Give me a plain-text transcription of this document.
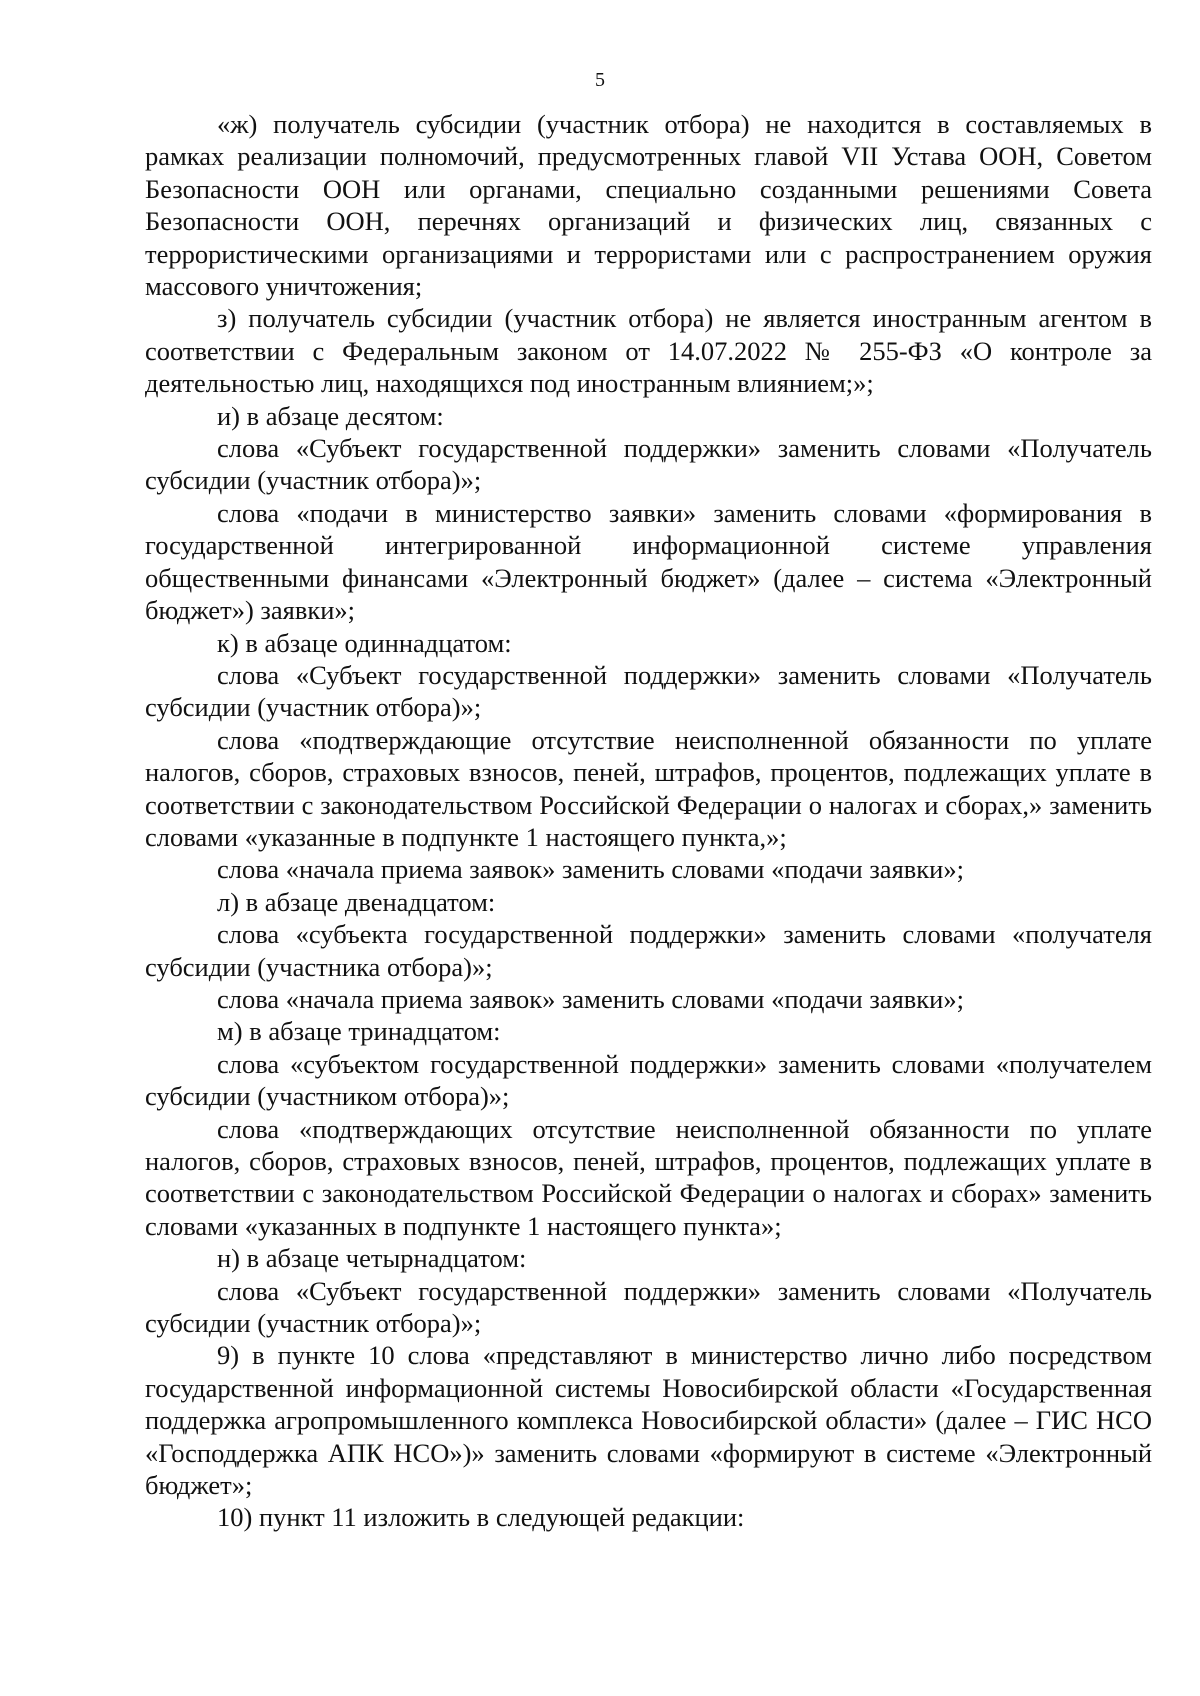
5

«ж) получатель субсидии (участник отбора) не находится в составляемых в рамках реализации полномочий, предусмотренных главой VII Устава ООН, Советом Безопасности ООН или органами, специально созданными решениями Совета Безопасности ООН, перечнях организаций и физических лиц, связанных с террористическими организациями и террористами или с распространением оружия массового уничтожения;

з) получатель субсидии (участник отбора) не является иностранным агентом в соответствии с Федеральным законом от 14.07.2022 № 255-ФЗ «О контроле за деятельностью лиц, находящихся под иностранным влиянием;»;

и) в абзаце десятом:

слова «Субъект государственной поддержки» заменить словами «Получатель субсидии (участник отбора)»;

слова «подачи в министерство заявки» заменить словами «формирования в государственной интегрированной информационной системе управления общественными финансами «Электронный бюджет» (далее – система «Электронный бюджет») заявки»;

к) в абзаце одиннадцатом:

слова «Субъект государственной поддержки» заменить словами «Получатель субсидии (участник отбора)»;

слова «подтверждающие отсутствие неисполненной обязанности по уплате налогов, сборов, страховых взносов, пеней, штрафов, процентов, подлежащих уплате в соответствии с законодательством Российской Федерации о налогах и сборах,» заменить словами «указанные в подпункте 1 настоящего пункта,»;

слова «начала приема заявок» заменить словами «подачи заявки»;

л) в абзаце двенадцатом:

слова «субъекта государственной поддержки» заменить словами «получателя субсидии (участника отбора)»;

слова «начала приема заявок» заменить словами «подачи заявки»;

м) в абзаце тринадцатом:

слова «субъектом государственной поддержки» заменить словами «получателем субсидии (участником отбора)»;

слова «подтверждающих отсутствие неисполненной обязанности по уплате налогов, сборов, страховых взносов, пеней, штрафов, процентов, подлежащих уплате в соответствии с законодательством Российской Федерации о налогах и сборах» заменить словами «указанных в подпункте 1 настоящего пункта»;

н) в абзаце четырнадцатом:

слова «Субъект государственной поддержки» заменить словами «Получатель субсидии (участник отбора)»;

9) в пункте 10 слова «представляют в министерство лично либо посредством государственной информационной системы Новосибирской области «Государственная поддержка агропромышленного комплекса Новосибирской области» (далее – ГИС НСО «Господдержка АПК НСО»)» заменить словами «формируют в системе «Электронный бюджет»;

10) пункт 11 изложить в следующей редакции:
